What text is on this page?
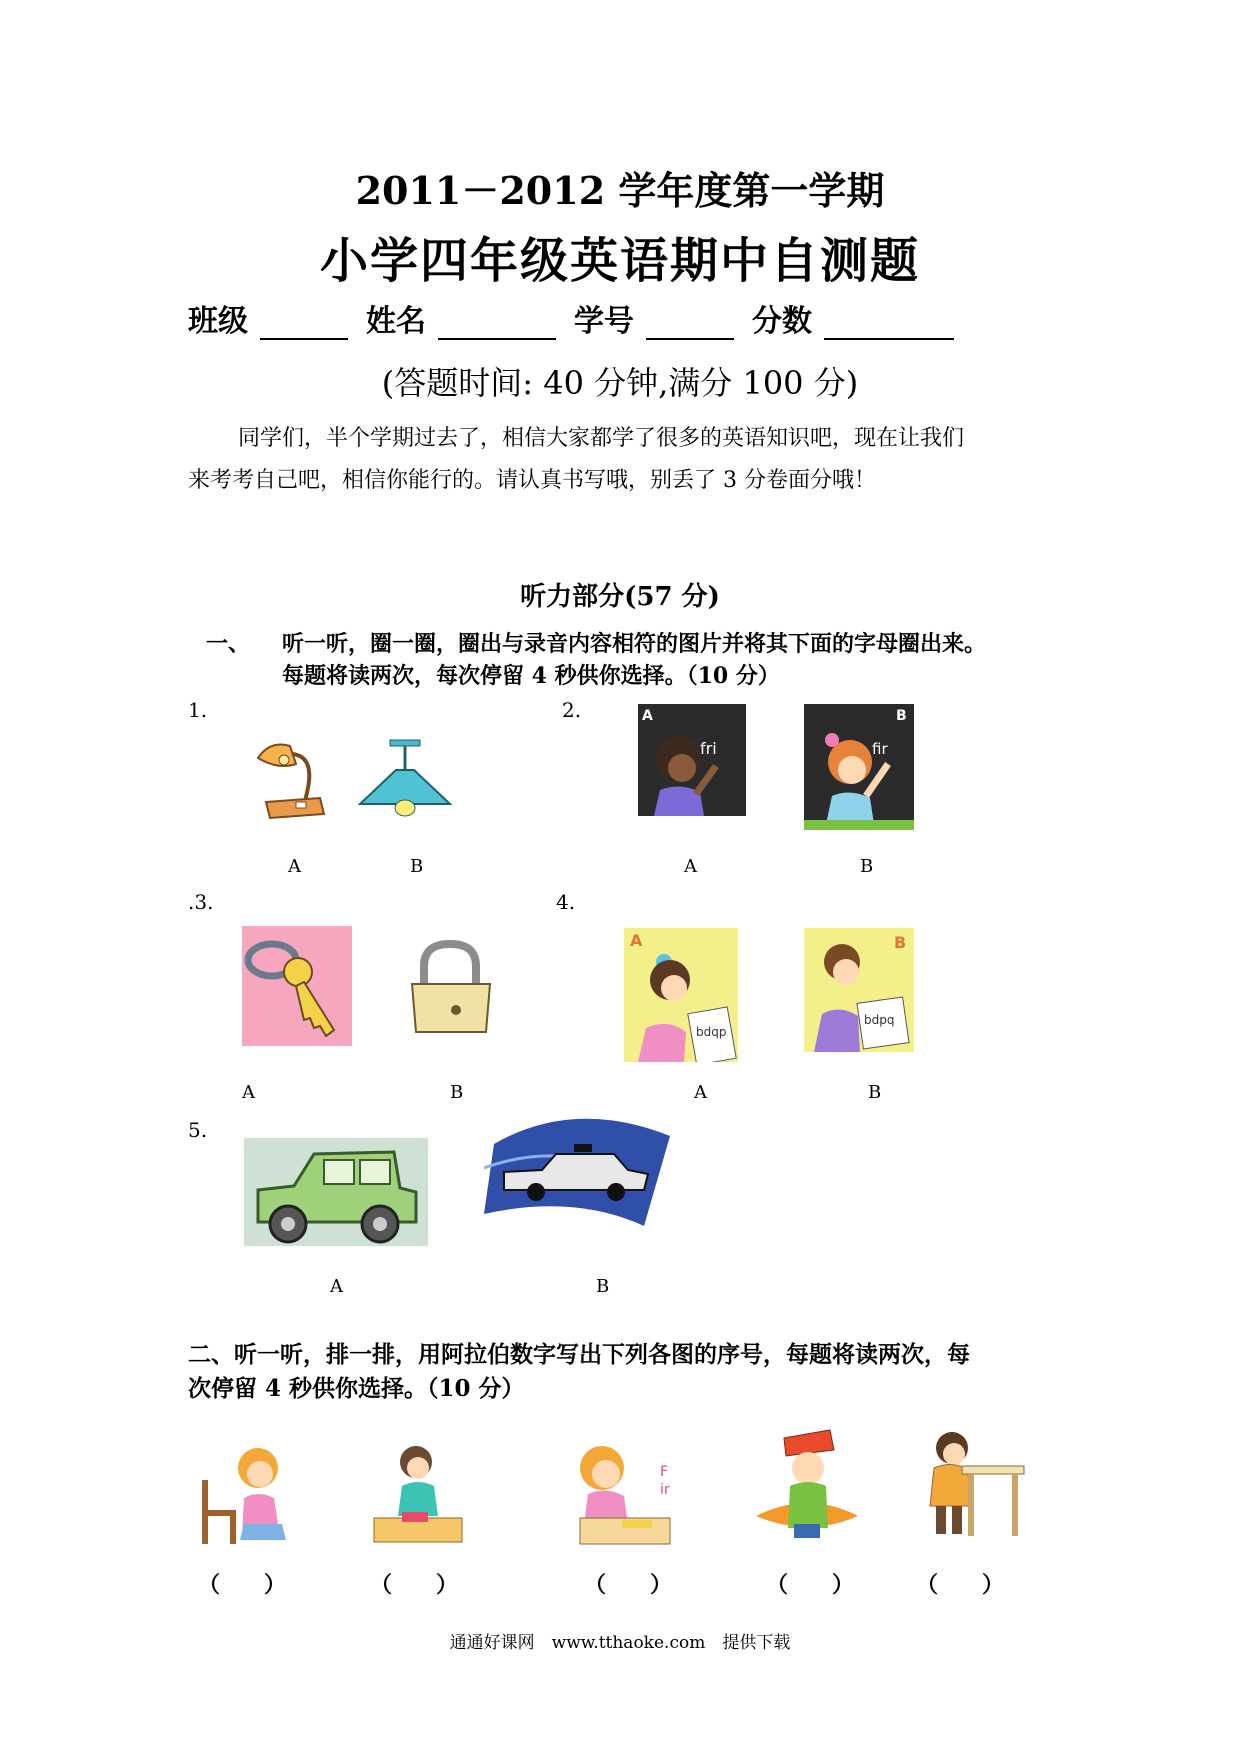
2011－2012 学年度第一学期
小学四年级英语期中自测题
班级	姓名	学号	分数
(答题时间: 40 分钟,满分 100 分)

同学们，半个学期过去了，相信大家都学了很多的英语知识吧，现在让我们

来考考自己吧，相信你能行的。请认真书写哦，别丢了 3 分卷面分哦！
听力部分(57 分)
一、 听一听，圈一圈，圈出与录音内容相符的图片并将其下面的字母圈出来。
每题将读两次，每次停留 4 秒供你选择。（10 分）
1.
A	B
2.	A
fri
B
fir
A	B
.3.
A	B
4.
A
bdqp
B
bdpq
A	B
5.
A	B
二、听一听，排一排，用阿拉伯数字写出下列各图的序号，每题将读两次，每
次停留 4 秒供你选择。（10 分）
F
ir
（　　）	（　　）	（　　）	（　　）	（　　）
通通好课网　www.tthaoke.com　提供下载
